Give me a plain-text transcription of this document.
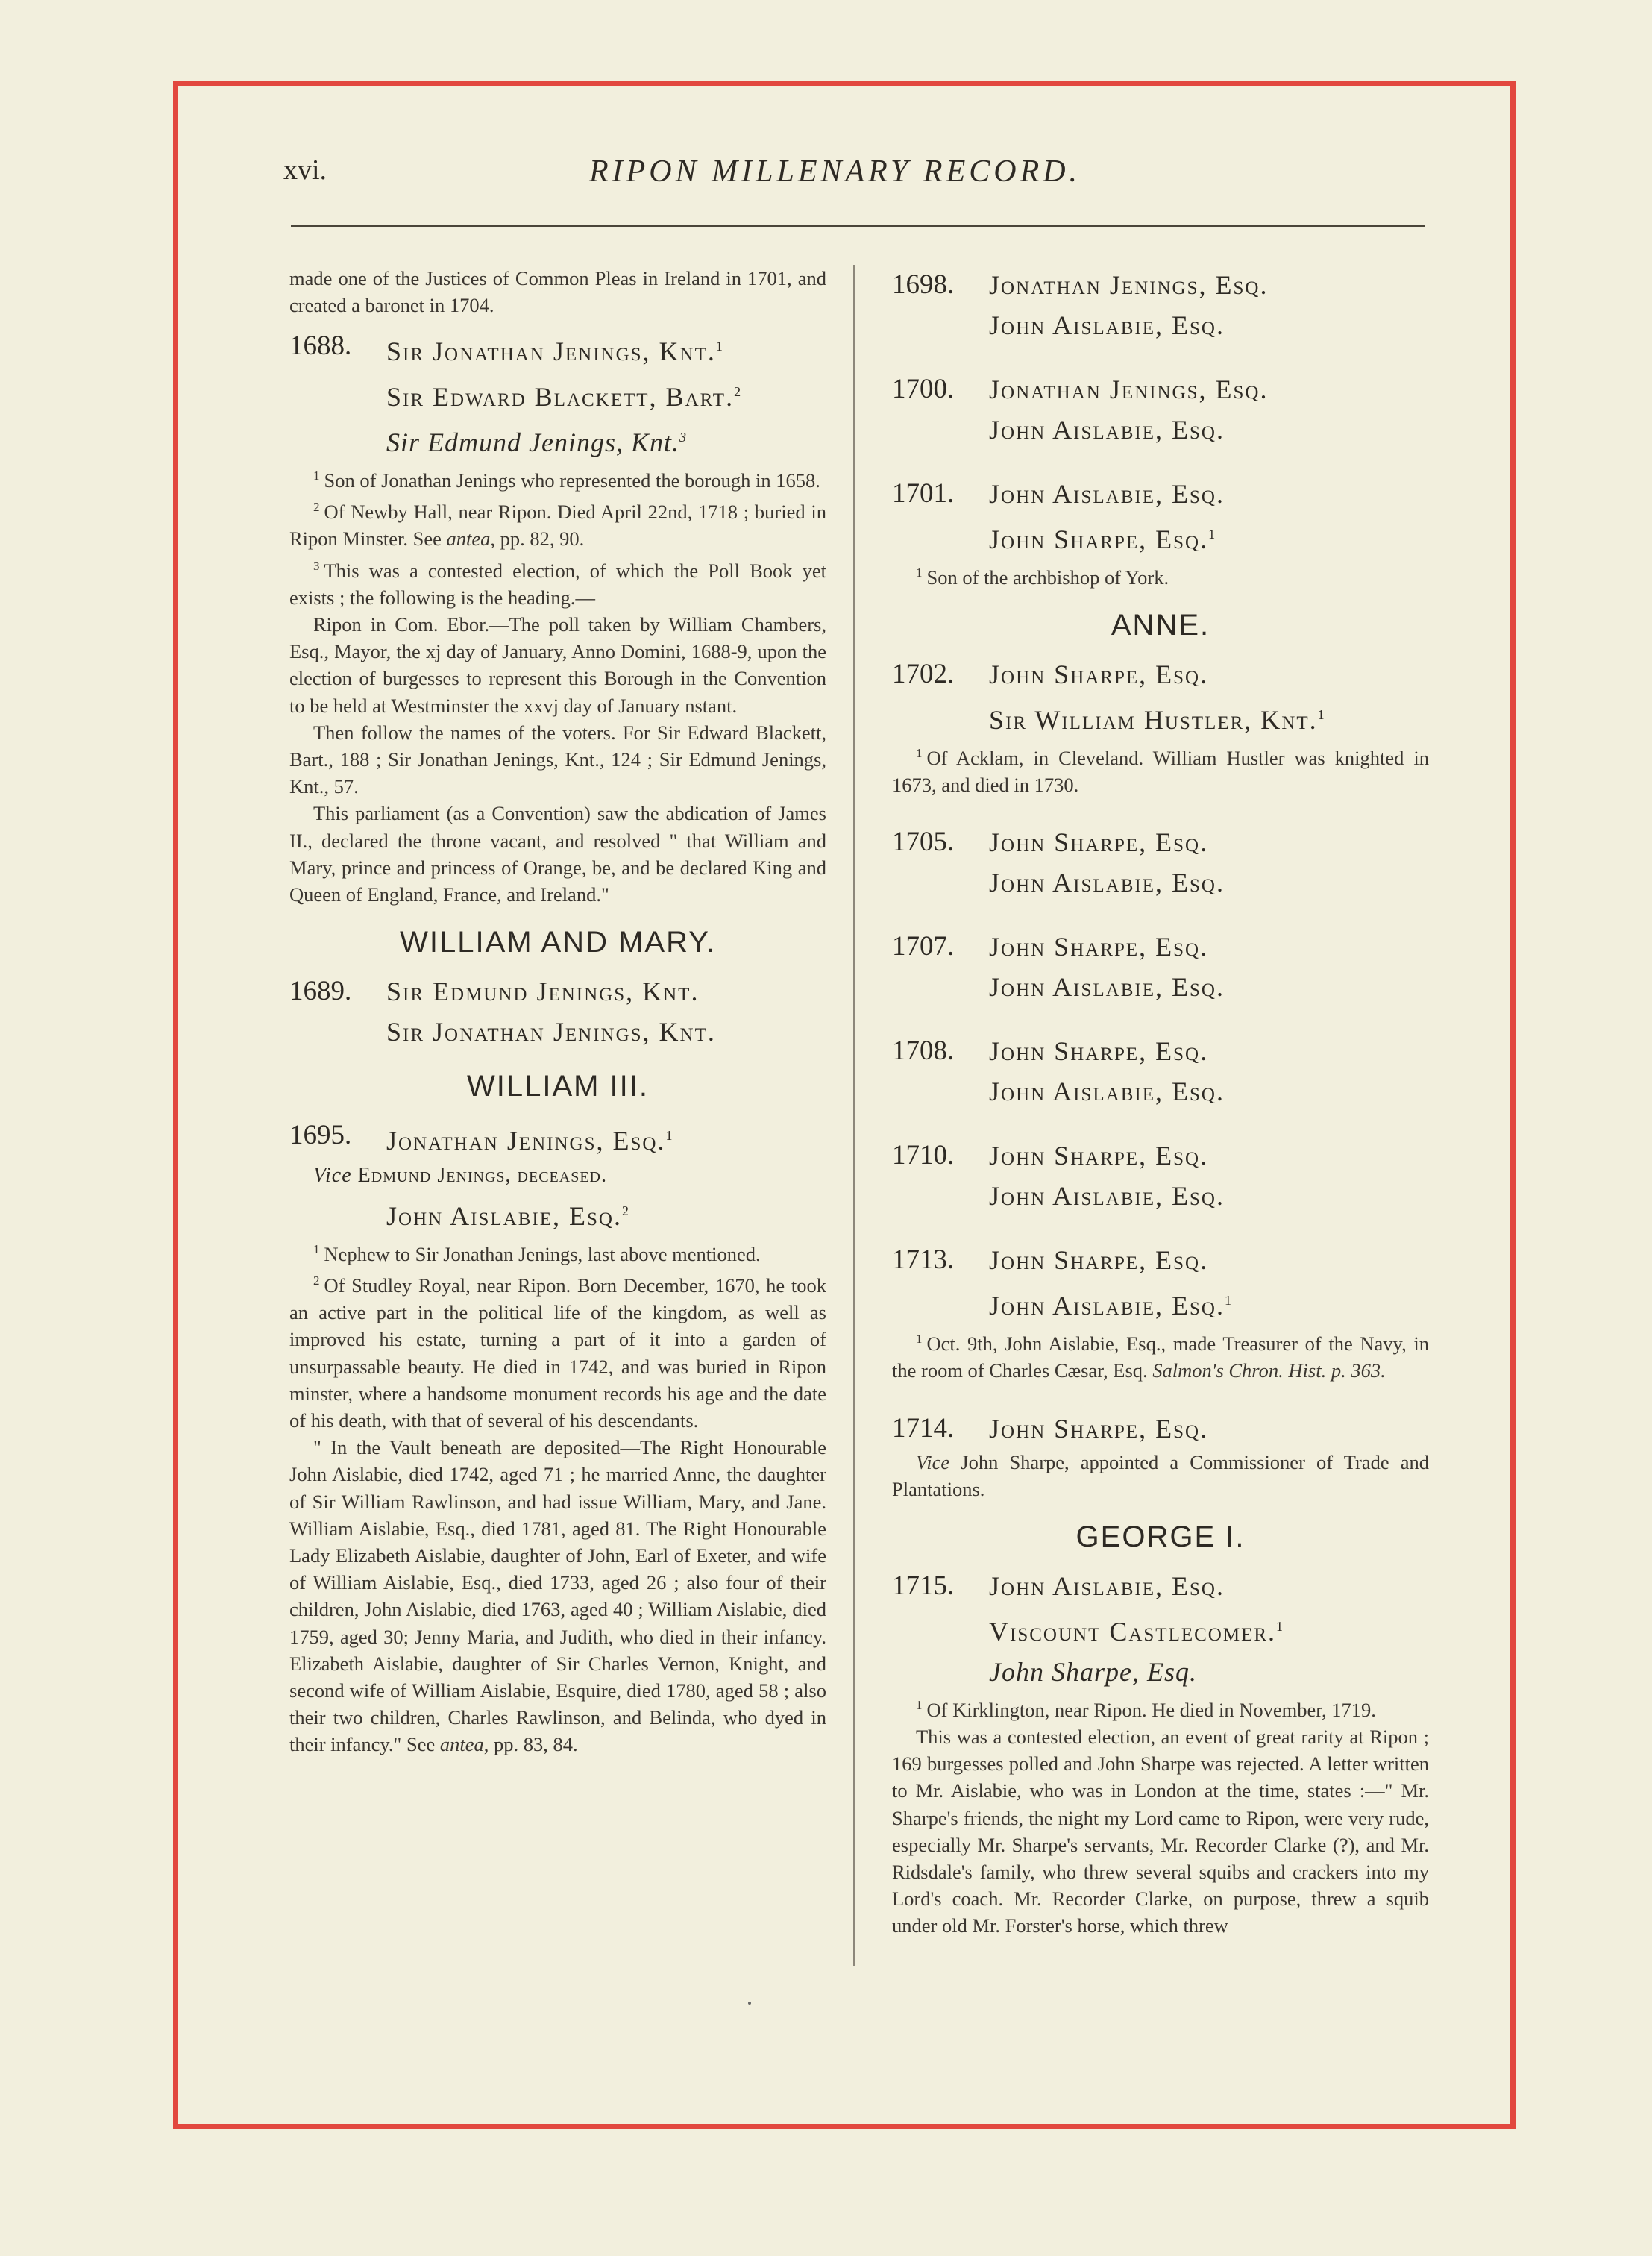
xvi.	RIPON MILLENARY RECORD.

made one of the Justices of Common Pleas in Ireland in 1701, and created a baronet in 1704.

1688. Sir Jonathan Jenings, Knt.$^1$
Sir Edward Blackett, Bart.$^2$
Sir Edmund Jenings, Knt.$^3$

$^1$ Son of Jonathan Jenings who represented the borough in 1658.

$^2$ Of Newby Hall, near Ripon. Died April 22nd, 1718 ; buried in Ripon Minster. See antea, pp. 82, 90.

$^3$ This was a contested election, of which the Poll Book yet exists ; the following is the heading.—

Ripon in Com. Ebor.—The poll taken by William Chambers, Esq., Mayor, the xj day of January, Anno Domini, 1688-9, upon the election of burgesses to represent this Borough in the Convention to be held at Westminster the xxvj day of January nstant.

Then follow the names of the voters. For Sir Edward Blackett, Bart., 188 ; Sir Jonathan Jenings, Knt., 124 ; Sir Edmund Jenings, Knt., 57.

This parliament (as a Convention) saw the abdication of James II., declared the throne vacant, and resolved " that William and Mary, prince and princess of Orange, be, and be declared King and Queen of England, France, and Ireland."

WILLIAM AND MARY.
1689. Sir Edmund Jenings, Knt.
Sir Jonathan Jenings, Knt.
WILLIAM III.
1695. Jonathan Jenings, Esq.$^1$
Vice Edmund Jenings, deceased.
John Aislabie, Esq.$^2$

$^1$ Nephew to Sir Jonathan Jenings, last above mentioned.

$^2$ Of Studley Royal, near Ripon. Born December, 1670, he took an active part in the political life of the kingdom, as well as improved his estate, turning a part of it into a garden of unsurpassable beauty. He died in 1742, and was buried in Ripon minster, where a handsome monument records his age and the date of his death, with that of several of his descendants.

" In the Vault beneath are deposited—The Right Honourable John Aislabie, died 1742, aged 71 ; he married Anne, the daughter of Sir William Rawlinson, and had issue William, Mary, and Jane. William Aislabie, Esq., died 1781, aged 81. The Right Honourable Lady Elizabeth Aislabie, daughter of John, Earl of Exeter, and wife of William Aislabie, Esq., died 1733, aged 26 ; also four of their children, John Aislabie, died 1763, aged 40 ; William Aislabie, died 1759, aged 30; Jenny Maria, and Judith, who died in their infancy. Elizabeth Aislabie, daughter of Sir Charles Vernon, Knight, and second wife of William Aislabie, Esquire, died 1780, aged 58 ; also their two children, Charles Rawlinson, and Belinda, who dyed in their infancy." See antea, pp. 83, 84.

1698. Jonathan Jenings, Esq.
John Aislabie, Esq.
1700. Jonathan Jenings, Esq.
John Aislabie, Esq.
1701. John Aislabie, Esq.
John Sharpe, Esq.$^1$

$^1$ Son of the archbishop of York.

ANNE.
1702. John Sharpe, Esq.
Sir William Hustler, Knt.$^1$

$^1$ Of Acklam, in Cleveland. William Hustler was knighted in 1673, and died in 1730.

1705. John Sharpe, Esq.
John Aislabie, Esq.
1707. John Sharpe, Esq.
John Aislabie, Esq.
1708. John Sharpe, Esq.
John Aislabie, Esq.
1710. John Sharpe, Esq.
John Aislabie, Esq.
1713. John Sharpe, Esq.
John Aislabie, Esq.$^1$

$^1$ Oct. 9th, John Aislabie, Esq., made Treasurer of the Navy, in the room of Charles Cæsar, Esq. Salmon's Chron. Hist. p. 363.

1714. John Sharpe, Esq.

Vice John Sharpe, appointed a Commissioner of Trade and Plantations.

GEORGE I.
1715. John Aislabie, Esq.
Viscount Castlecomer.$^1$
John Sharpe, Esq.

$^1$ Of Kirklington, near Ripon. He died in November, 1719.

This was a contested election, an event of great rarity at Ripon ; 169 burgesses polled and John Sharpe was rejected. A letter written to Mr. Aislabie, who was in London at the time, states :—" Mr. Sharpe's friends, the night my Lord came to Ripon, were very rude, especially Mr. Sharpe's servants, Mr. Recorder Clarke (?), and Mr. Ridsdale's family, who threw several squibs and crackers into my Lord's coach. Mr. Recorder Clarke, on purpose, threw a squib under old Mr. Forster's horse, which threw
